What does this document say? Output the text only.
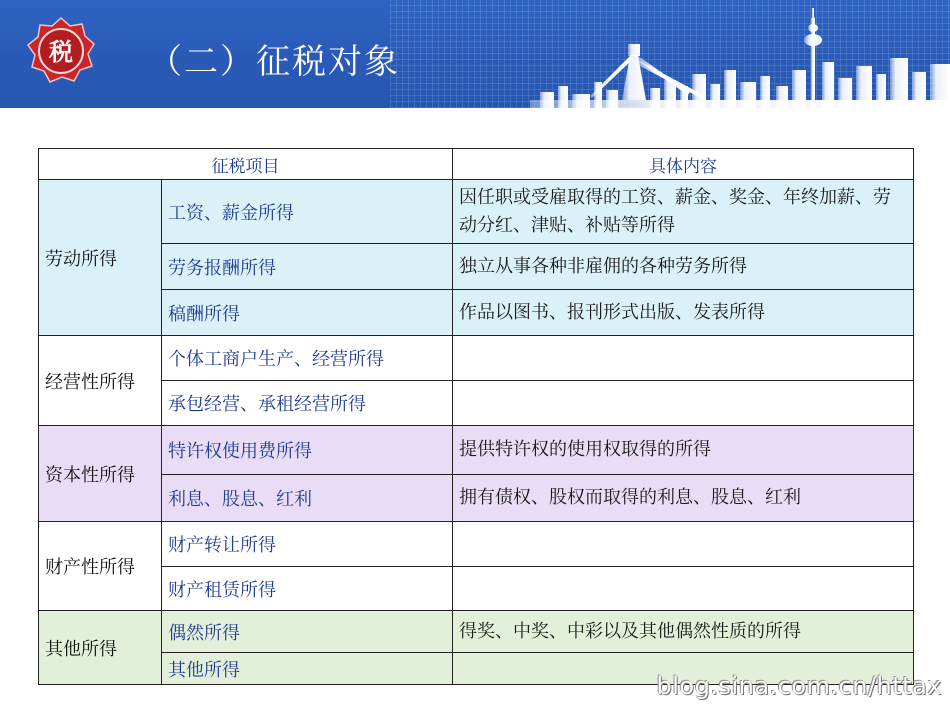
税 （二）征税对象
征税项目		具体内容
劳动所得	工资、薪金所得	因任职或受雇取得的工资、薪金、奖金、年终加薪、劳动分红、津贴、补贴等所得
	劳务报酬所得	独立从事各种非雇佣的各种劳务所得
	稿酬所得	作品以图书、报刊形式出版、发表所得
经营性所得	个体工商户生产、经营所得	
	承包经营、承租经营所得	
资本性所得	特许权使用费所得	提供特许权的使用权取得的所得
	利息、股息、红利	拥有债权、股权而取得的利息、股息、红利
财产性所得	财产转让所得	
	财产租赁所得	
其他所得	偶然所得	得奖、中奖、中彩以及其他偶然性质的所得
	其他所得	
blog.sina.com.cn/httax
